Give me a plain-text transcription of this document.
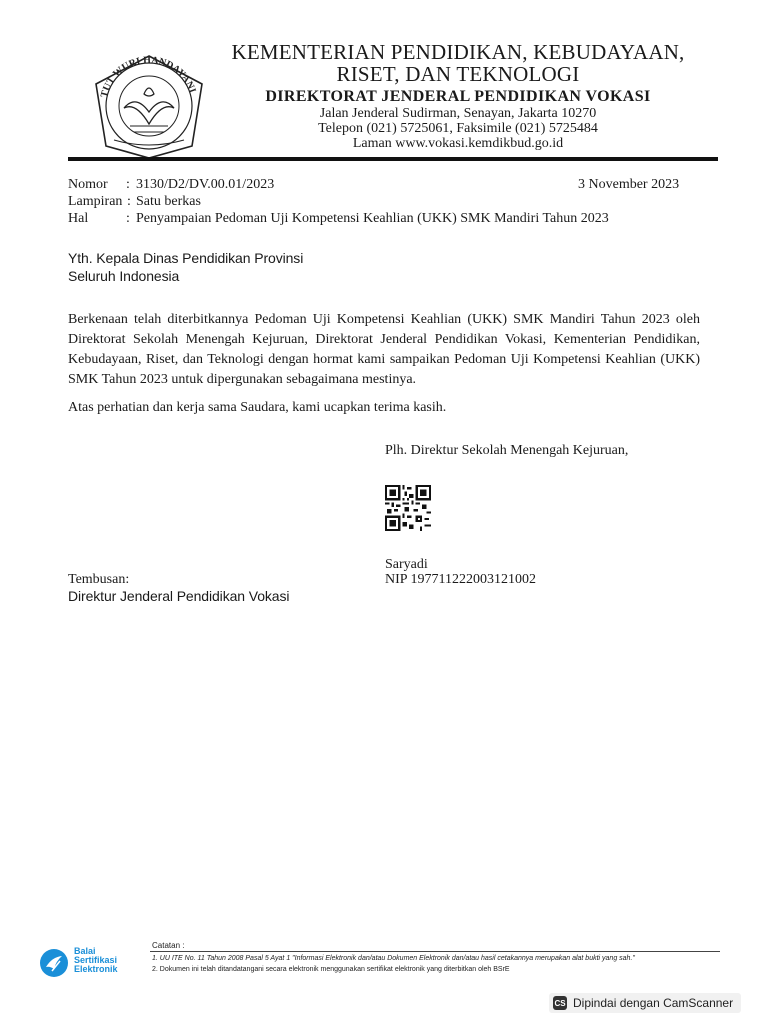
TUT WURI HANDAYANI
KEMENTERIAN PENDIDIKAN, KEBUDAYAAN,
RISET, DAN TEKNOLOGI
DIREKTORAT JENDERAL PENDIDIKAN VOKASI
Jalan Jenderal Sudirman, Senayan, Jakarta 10270
Telepon (021) 5725061, Faksimile (021) 5725484
Laman www.vokasi.kemdikbud.go.id
Nomor	: 3130/D2/DV.00.01/2023	3 November 2023
Lampiran : Satu berkas
Hal	: Penyampaian Pedoman Uji Kompetensi Keahlian (UKK) SMK Mandiri Tahun 2023
Yth. Kepala Dinas Pendidikan Provinsi
Seluruh Indonesia
Berkenaan telah diterbitkannya Pedoman Uji Kompetensi Keahlian (UKK) SMK Mandiri Tahun 2023 oleh Direktorat Sekolah Menengah Kejuruan, Direktorat Jenderal Pendidikan Vokasi, Kementerian Pendidikan, Kebudayaan, Riset, dan Teknologi dengan hormat kami sampaikan Pedoman Uji Kompetensi Keahlian (UKK) SMK Tahun 2023 untuk dipergunakan sebagaimana mestinya.
Atas perhatian dan kerja sama Saudara, kami ucapkan terima kasih.
Plh. Direktur Sekolah Menengah Kejuruan,
Saryadi
NIP 197711222003121002
Tembusan:
Direktur Jenderal Pendidikan Vokasi
Balai
Sertifikasi
Elektronik
Catatan :
1. UU ITE No. 11 Tahun 2008 Pasal 5 Ayat 1 "Informasi Elektronik dan/atau Dokumen Elektronik dan/atau hasil cetakannya merupakan alat bukti yang sah."
2. Dokumen ini telah ditandatangani secara elektronik menggunakan sertifikat elektronik yang diterbitkan oleh BSrE
CS Dipindai dengan CamScanner
